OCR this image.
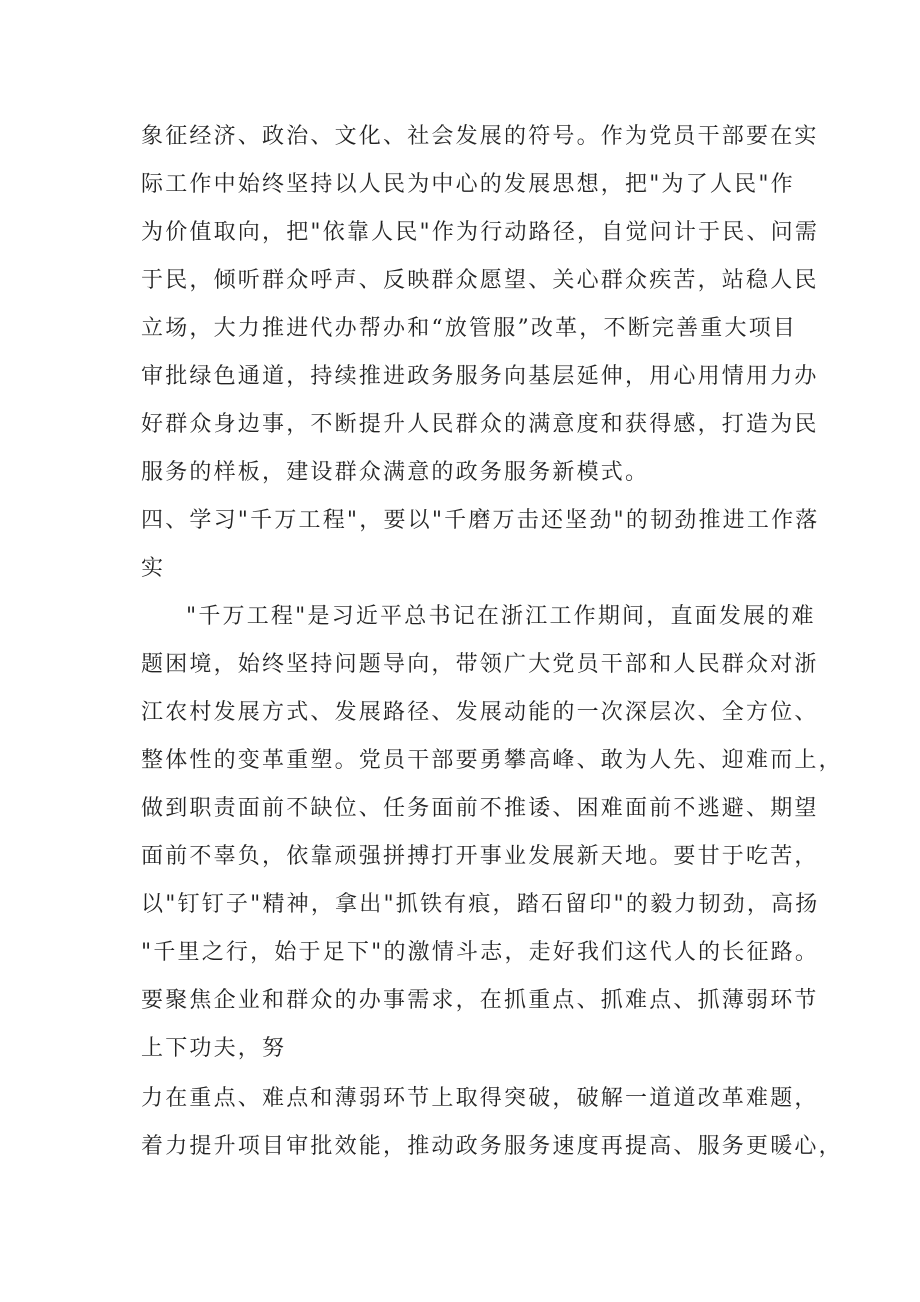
象征经济、政治、文化、社会发展的符号。作为党员干部要在实
际工作中始终坚持以人民为中心的发展思想，把"为了人民"作
为价值取向，把"依靠人民"作为行动路径，自觉问计于民、问需
于民，倾听群众呼声、反映群众愿望、关心群众疾苦，站稳人民
立场，大力推进代办帮办和“放管服”改革，不断完善重大项目
审批绿色通道，持续推进政务服务向基层延伸，用心用情用力办
好群众身边事，不断提升人民群众的满意度和获得感，打造为民
服务的样板，建设群众满意的政务服务新模式。
四、学习"千万工程"，要以"千磨万击还坚劲"的韧劲推进工作落
实
"千万工程"是习近平总书记在浙江工作期间，直面发展的难
题困境，始终坚持问题导向，带领广大党员干部和人民群众对浙
江农村发展方式、发展路径、发展动能的一次深层次、全方位、
整体性的变革重塑。党员干部要勇攀高峰、敢为人先、迎难而上，
做到职责面前不缺位、任务面前不推诿、困难面前不逃避、期望
面前不辜负，依靠顽强拼搏打开事业发展新天地。要甘于吃苦，
以"钉钉子"精神，拿出"抓铁有痕，踏石留印"的毅力韧劲，高扬
"千里之行，始于足下"的激情斗志，走好我们这代人的长征路。
要聚焦企业和群众的办事需求，在抓重点、抓难点、抓薄弱环节
上下功夫，努
力在重点、难点和薄弱环节上取得突破，破解一道道改革难题，
着力提升项目审批效能，推动政务服务速度再提高、服务更暖心，
